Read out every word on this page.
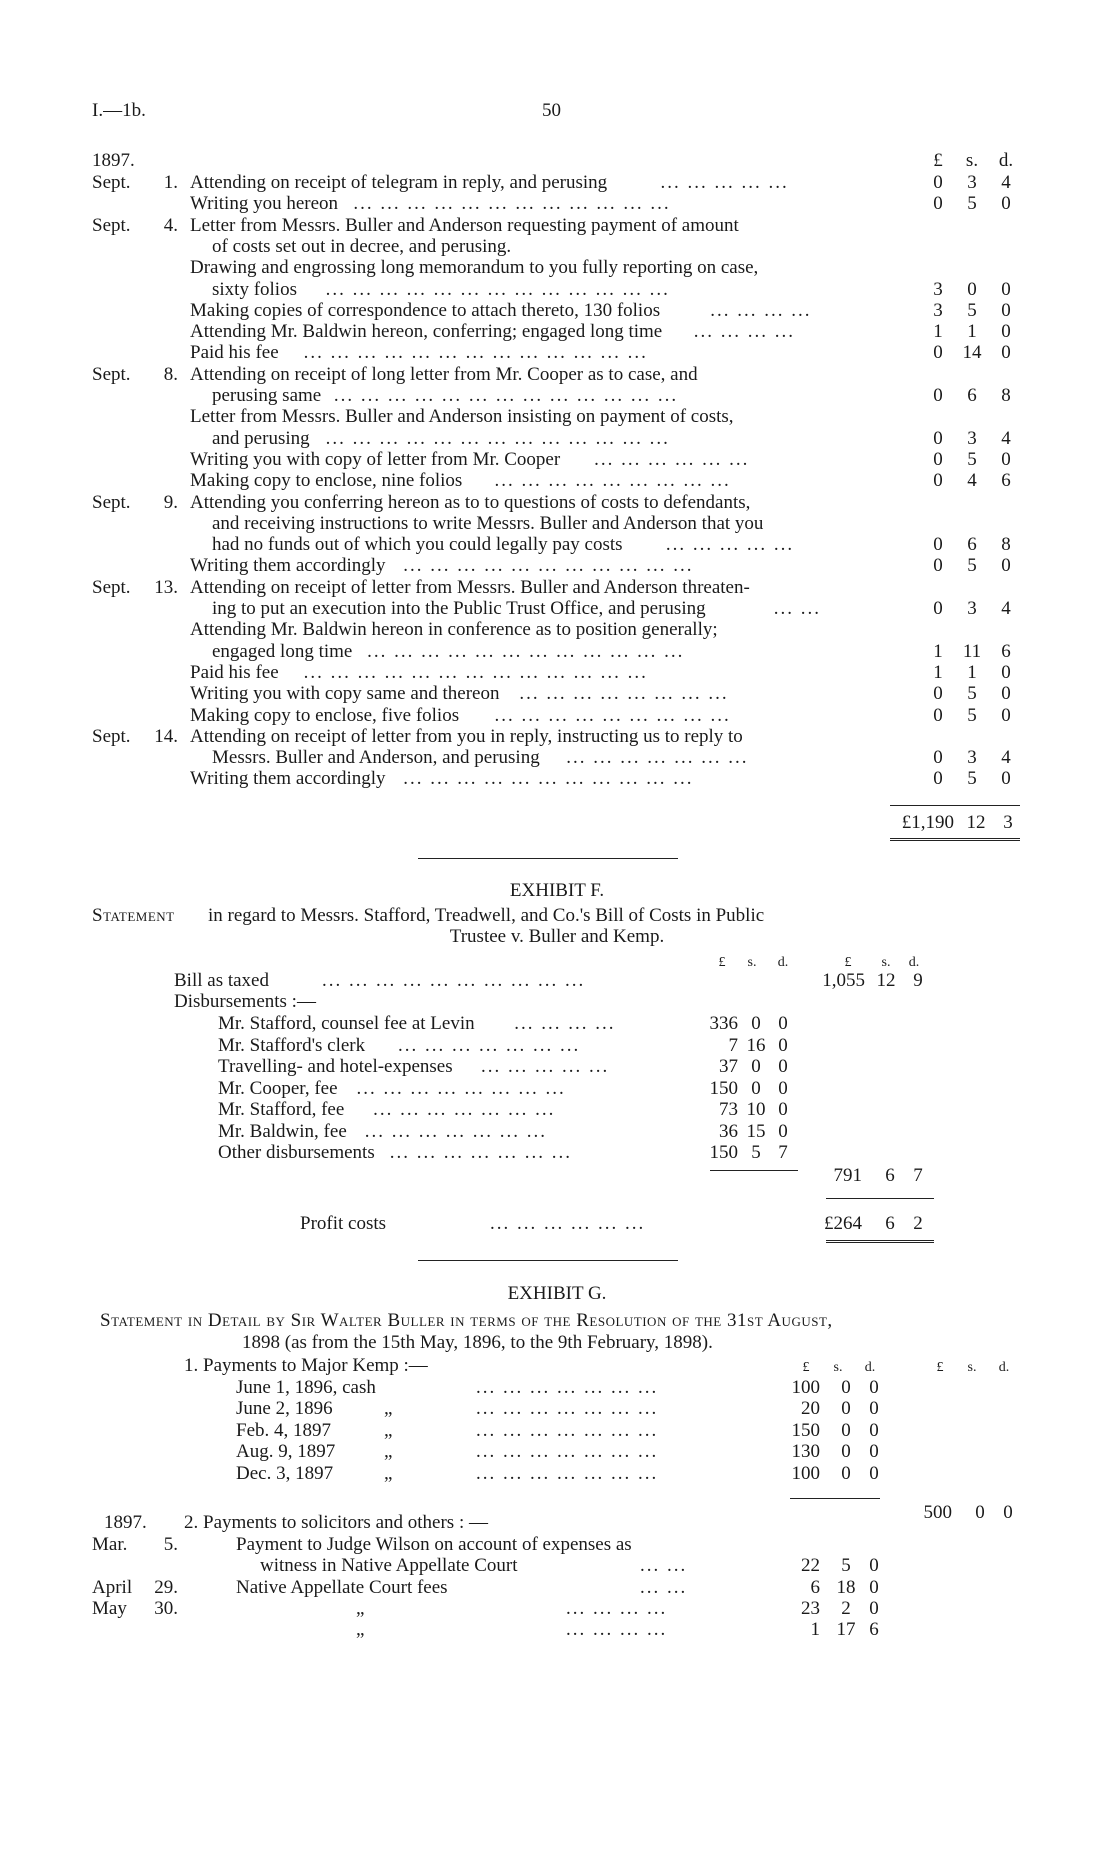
I.—1b.	50
1897.	£	s.	d.
Sept.	1. Attending on receipt of telegram in reply, and perusing	... ... ... ... ...	0	3	4
Writing you hereon ... ... ... ... ... ... ... ... ... ... ... ...	0	5	0
Sept.	4. Letter from Messrs. Buller and Anderson requesting payment of amount
of costs set out in decree, and perusing.
Drawing and engrossing long memorandum to you fully reporting on case,
sixty folios ... ... ... ... ... ... ... ... ... ... ... ... ...	3	0	0
Making copies of correspondence to attach thereto, 130 folios	... ... ... ...	3	5	0
Attending Mr. Baldwin hereon, conferring; engaged long time ... ... ... ...	1	1	0
Paid his fee ... ... ... ... ... ... ... ... ... ... ... ... ...	0	14	0
Sept.	8. Attending on receipt of long letter from Mr. Cooper as to case, and
perusing same ... ... ... ... ... ... ... ... ... ... ... ... ...	0	6	8
Letter from Messrs. Buller and Anderson insisting on payment of costs,
and perusing ... ... ... ... ... ... ... ... ... ... ... ... ...	0	3	4
Writing you with copy of letter from Mr. Cooper ... ... ... ... ... ...	0	5	0
Making copy to enclose, nine folios ... ... ... ... ... ... ... ... ...	0	4	6
Sept.	9. Attending you conferring hereon as to to questions of costs to defendants,
and receiving instructions to write Messrs. Buller and Anderson that you
had no funds out of which you could legally pay costs ... ... ... ... ...	0	6	8
Writing them accordingly ... ... ... ... ... ... ... ... ... ... ...	0	5	0
Sept.	13. Attending on receipt of letter from Messrs. Buller and Anderson threaten-
ing to put an execution into the Public Trust Office, and perusing	... ...	0	3	4
Attending Mr. Baldwin hereon in conference as to position generally;
engaged long time ... ... ... ... ... ... ... ... ... ... ... ...	1	11	6
Paid his fee ... ... ... ... ... ... ... ... ... ... ... ... ...	1	1	0
Writing you with copy same and thereon ... ... ... ... ... ... ... ...	0	5	0
Making copy to enclose, five folios ... ... ... ... ... ... ... ... ...	0	5	0
Sept.	14. Attending on receipt of letter from you in reply, instructing us to reply to
Messrs. Buller and Anderson, and perusing ... ... ... ... ... ... ...	0	3	4
Writing them accordingly ... ... ... ... ... ... ... ... ... ... ...	0	5	0
£1,190 12 3
EXHIBIT F.
Statement in regard to Messrs. Stafford, Treadwell, and Co.'s Bill of Costs in Public
Trustee v. Buller and Kemp.
£	s.	d.	£	s.	d.
Bill as taxed	... ... ... ... ... ... ... ... ... ...	1,055 12 9
Disbursements :—
Mr. Stafford, counsel fee at Levin ... ... ... ...	336 0 0
Mr. Stafford's clerk ... ... ... ... ... ... ...	7 16 0
Travelling- and hotel-expenses ... ... ... ... ...	37 0 0
Mr. Cooper, fee ... ... ... ... ... ... ... ...	150 0 0
Mr. Stafford, fee ... ... ... ... ... ... ...	73 10 0
Mr. Baldwin, fee ... ... ... ... ... ... ...	36 15 0
Other disbursements ... ... ... ... ... ... ...	150 5 7
791	6 7
Profit costs	... ... ... ... ... ...	£264	6 2
EXHIBIT G.
Statement in Detail by Sir Walter Buller in terms of the Resolution of the 31st August,
1898 (as from the 15th May, 1896, to the 9th February, 1898).
£	s.	d.	£	s.	d.
1. Payments to Major Kemp :—
June 1, 1896, cash	... ... ... ... ... ... ...	100	0 0
June 2, 1896	„	... ... ... ... ... ... ...	20	0 0
Feb. 4, 1897	„	... ... ... ... ... ... ...	150	0 0
Aug. 9, 1897	„	... ... ... ... ... ... ...	130	0 0
Dec. 3, 1897	„	... ... ... ... ... ... ...	100	0 0
500	0 0
1897. 2. Payments to solicitors and others : —
Mar.	5.	Payment to Judge Wilson on account of expenses as
witness in Native Appellate Court	... ...	22	5 0
April	29.	Native Appellate Court fees	... ...	6 18 0
May	30.	„	... ... ... ...	23	2 0
„	... ... ... ...	1 17 6
